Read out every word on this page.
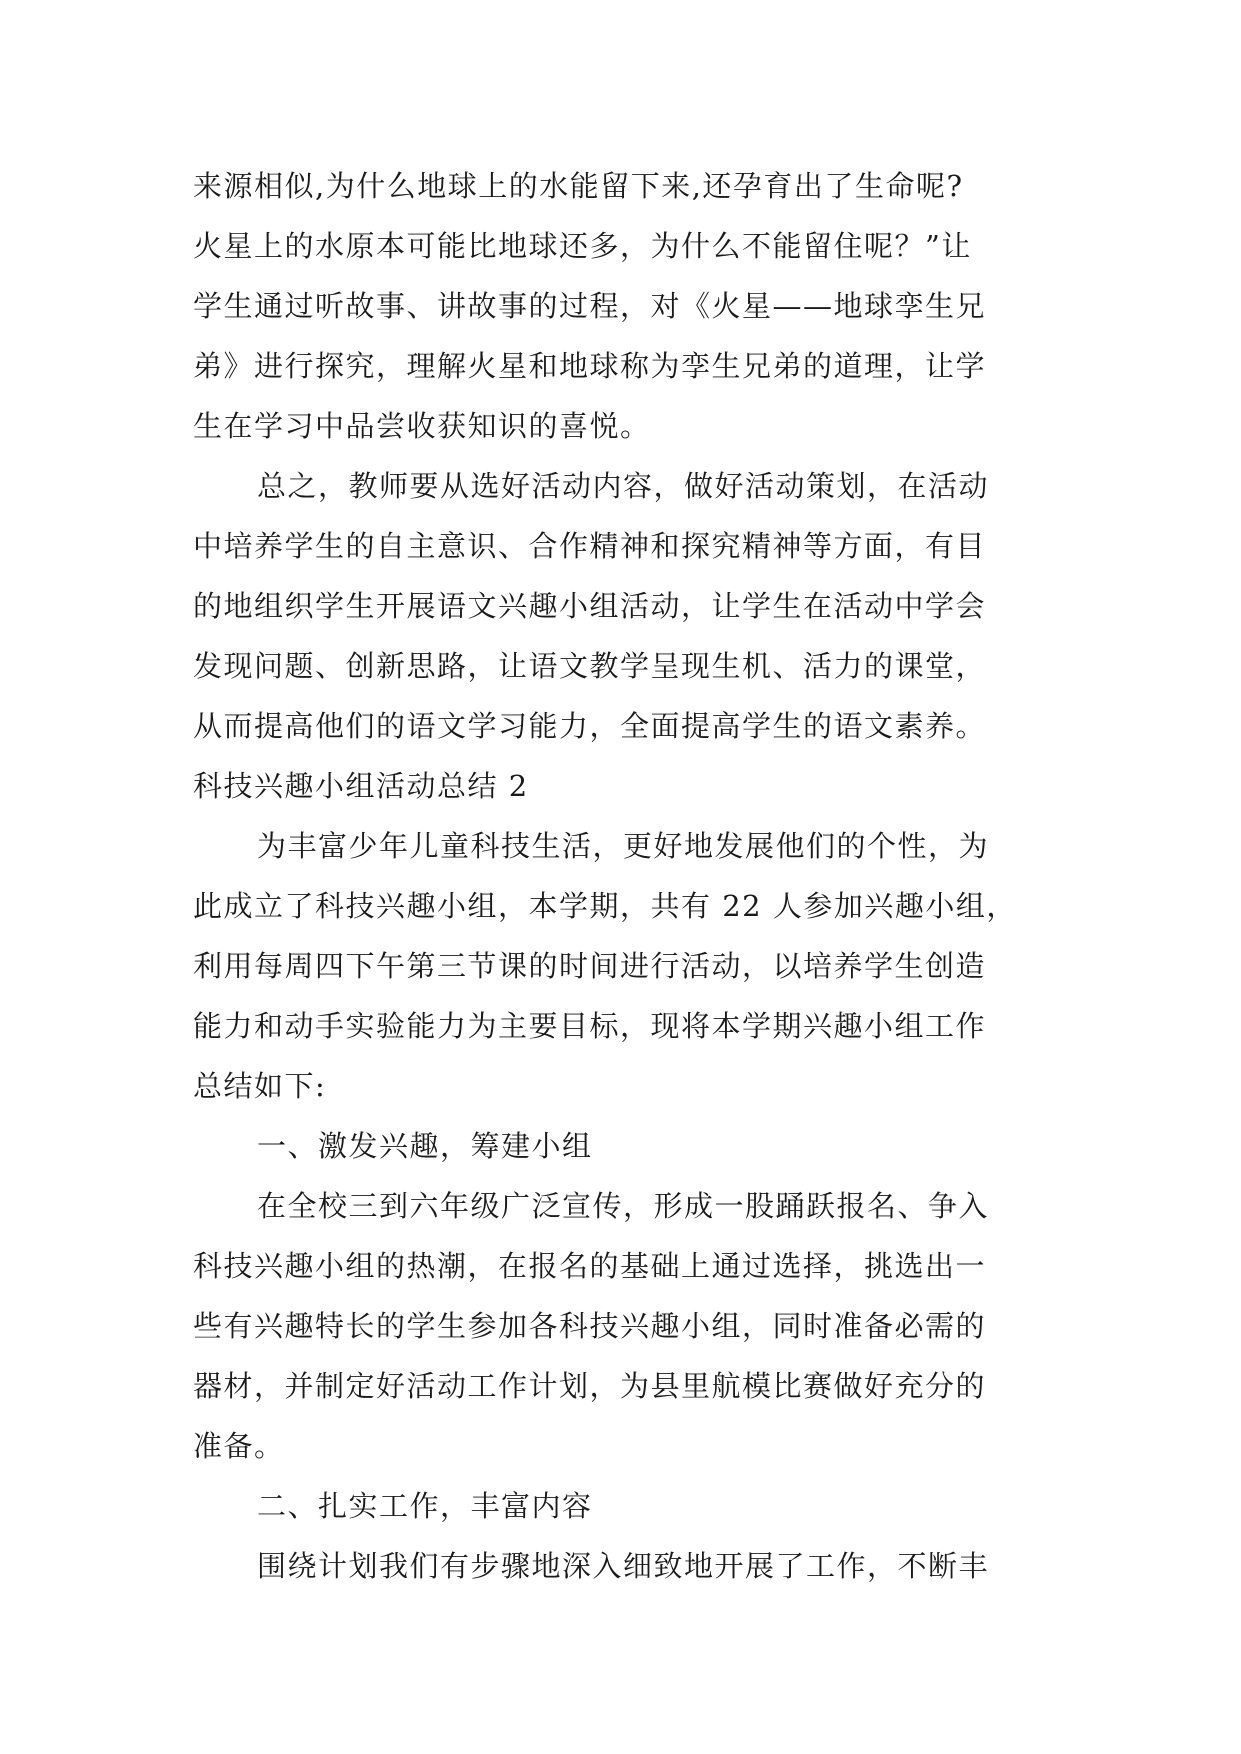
来源相似,为什么地球上的水能留下来,还孕育出了生命呢?
火星上的水原本可能比地球还多，为什么不能留住呢？”让
学生通过听故事、讲故事的过程，对《火星——地球孪生兄
弟》进行探究，理解火星和地球称为孪生兄弟的道理，让学
生在学习中品尝收获知识的喜悦。
总之，教师要从选好活动内容，做好活动策划，在活动
中培养学生的自主意识、合作精神和探究精神等方面，有目
的地组织学生开展语文兴趣小组活动，让学生在活动中学会
发现问题、创新思路，让语文教学呈现生机、活力的课堂，
从而提高他们的语文学习能力，全面提高学生的语文素养。
科技兴趣小组活动总结 2
为丰富少年儿童科技生活，更好地发展他们的个性，为
此成立了科技兴趣小组，本学期，共有 22 人参加兴趣小组，
利用每周四下午第三节课的时间进行活动，以培养学生创造
能力和动手实验能力为主要目标，现将本学期兴趣小组工作
总结如下:
一、激发兴趣，筹建小组
在全校三到六年级广泛宣传，形成一股踊跃报名、争入
科技兴趣小组的热潮，在报名的基础上通过选择，挑选出一
些有兴趣特长的学生参加各科技兴趣小组，同时准备必需的
器材，并制定好活动工作计划，为县里航模比赛做好充分的
准备。
二、扎实工作，丰富内容
围绕计划我们有步骤地深入细致地开展了工作，不断丰
